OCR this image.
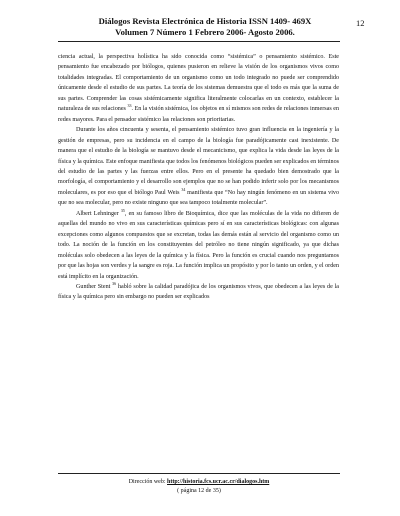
Diálogos Revista Electrónica de Historia ISSN 1409- 469X
Volumen 7 Número 1 Febrero 2006- Agosto 2006.
12

ciencia actual, la perspectiva holística ha sido conocida como “sistémica” o pensamiento sistémico. Este pensamiento fue encabezado por biólogos, quienes pusieron en relieve la visión de los organismos vivos como totalidades integradas. El comportamiento de un organismo como un todo integrado no puede ser comprendido únicamente desde el estudio de sus partes. La teoría de los sistemas demuestra que el todo es más que la suma de sus partes. Comprender las cosas sistémicamente significa literalmente colocarlas en un contexto, establecer la naturaleza de sus relaciones $^{33}$. En la visión sistémica, los objetos en sí mismos son redes de relaciones inmersas en redes mayores. Para el pensador sistémico las relaciones son prioritarias.

Durante los años cincuenta y sesenta, el pensamiento sistémico tuvo gran influencia en la ingeniería y la gestión de empresas, pero su incidencia en el campo de la biología fue paradójicamente casi inexistente. De manera que el estudio de la biología se mantuvo desde el mecanicismo, que explica la vida desde las leyes de la física y la química. Este enfoque manifiesta que todos los fenómenos biológicos pueden ser explicados en términos del estudio de las partes y las fuerzas entre ellos. Pero en el presente ha quedado bien demostrado que la morfología, el comportamiento y el desarrollo son ejemplos que no se han podido inferir solo por los mecanismos moleculares, es por eso que el biólogo Paul Weis $^{34}$ manifiesta que “No hay ningún fenómeno en un sistema vivo que no sea molecular, pero no existe ninguno que sea tampoco totalmente molecular”.

Albert Lehninger $^{35}$, en su famoso libro de Bioquímica, dice que las moléculas de la vida no difieren de aquellas del mundo no vivo en sus características químicas pero sí en sus características biológicas: con algunas excepciones como algunos compuestos que se excretan, todas las demás están al servicio del organismo como un todo. La noción de la función en los constituyentes del petróleo no tiene ningún significado, ya que dichas moléculas solo obedecen a las leyes de la química y la física. Pero la función es crucial cuando nos preguntamos por que las hojas son verdes y la sangre es roja. La función implica un propósito y por lo tanto un orden, y el orden está implícito en la organización.

Gunther Stent $^{36}$ habló sobre la calidad paradójica de los organismos vivos, que obedecen a las leyes de la física y la química pero sin embargo no pueden ser explicados

Dirección web: http://historia.fcs.ucr.ac.cr/dialogos.htm
( página 12 de 35)
